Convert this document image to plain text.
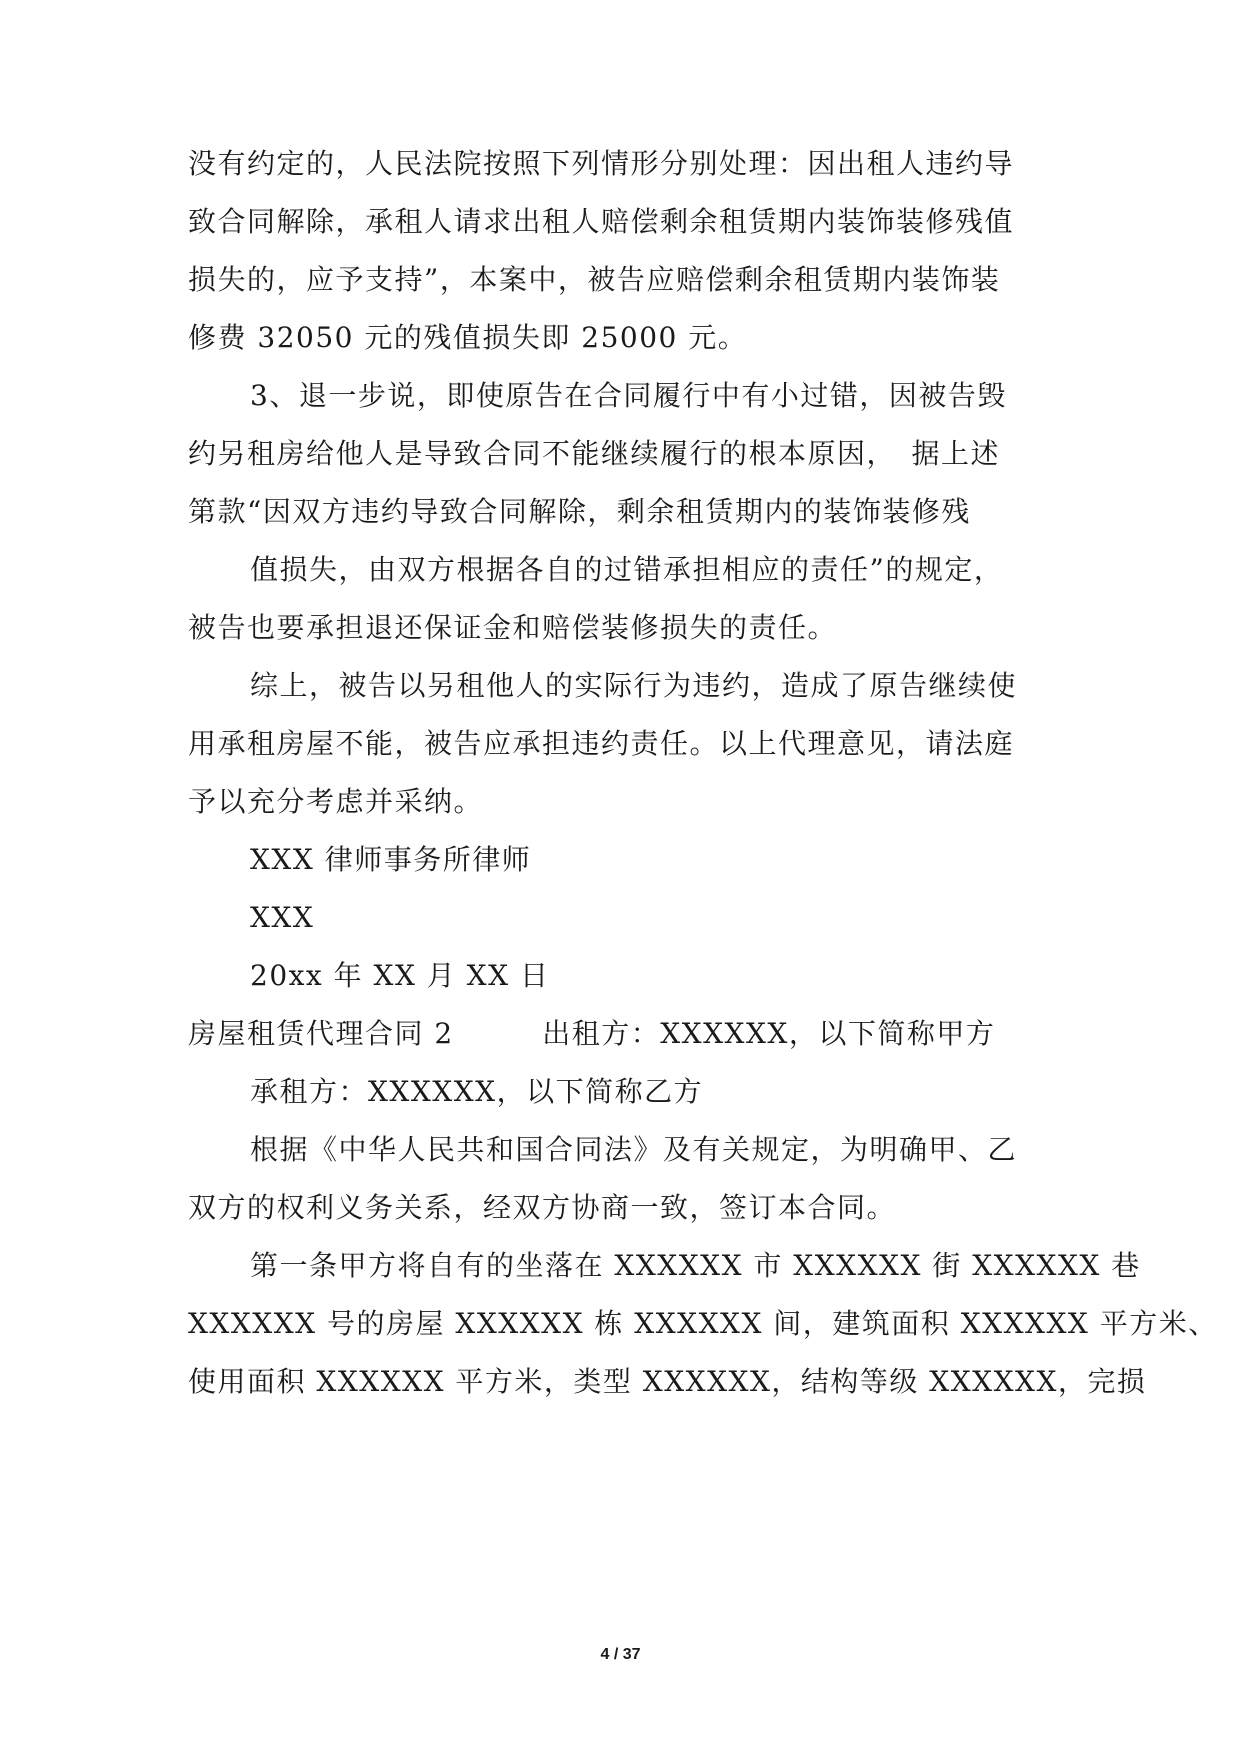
没有约定的，人民法院按照下列情形分别处理：因出租人违约导
致合同解除，承租人请求出租人赔偿剩余租赁期内装饰装修残值
损失的，应予支持”，本案中，被告应赔偿剩余租赁期内装饰装
修费 32050 元的残值损失即 25000 元。
3、退一步说，即使原告在合同履行中有小过错，因被告毁
约另租房给他人是导致合同不能继续履行的根本原因，　据上述
第款“因双方违约导致合同解除，剩余租赁期内的装饰装修残
值损失，由双方根据各自的过错承担相应的责任”的规定，
被告也要承担退还保证金和赔偿装修损失的责任。
综上，被告以另租他人的实际行为违约，造成了原告继续使
用承租房屋不能，被告应承担违约责任。以上代理意见，请法庭
予以充分考虑并采纳。
XXX 律师事务所律师
XXX
20xx 年 XX 月 XX 日
房屋租赁代理合同 2　　　出租方：XXXXXX，以下简称甲方
承租方：XXXXXX，以下简称乙方
根据《中华人民共和国合同法》及有关规定，为明确甲、乙
双方的权利义务关系，经双方协商一致，签订本合同。
第一条甲方将自有的坐落在 XXXXXX 市 XXXXXX 街 XXXXXX 巷
XXXXXX 号的房屋 XXXXXX 栋 XXXXXX 间，建筑面积 XXXXXX 平方米、
使用面积 XXXXXX 平方米，类型 XXXXXX，结构等级 XXXXXX，完损
4 / 37
